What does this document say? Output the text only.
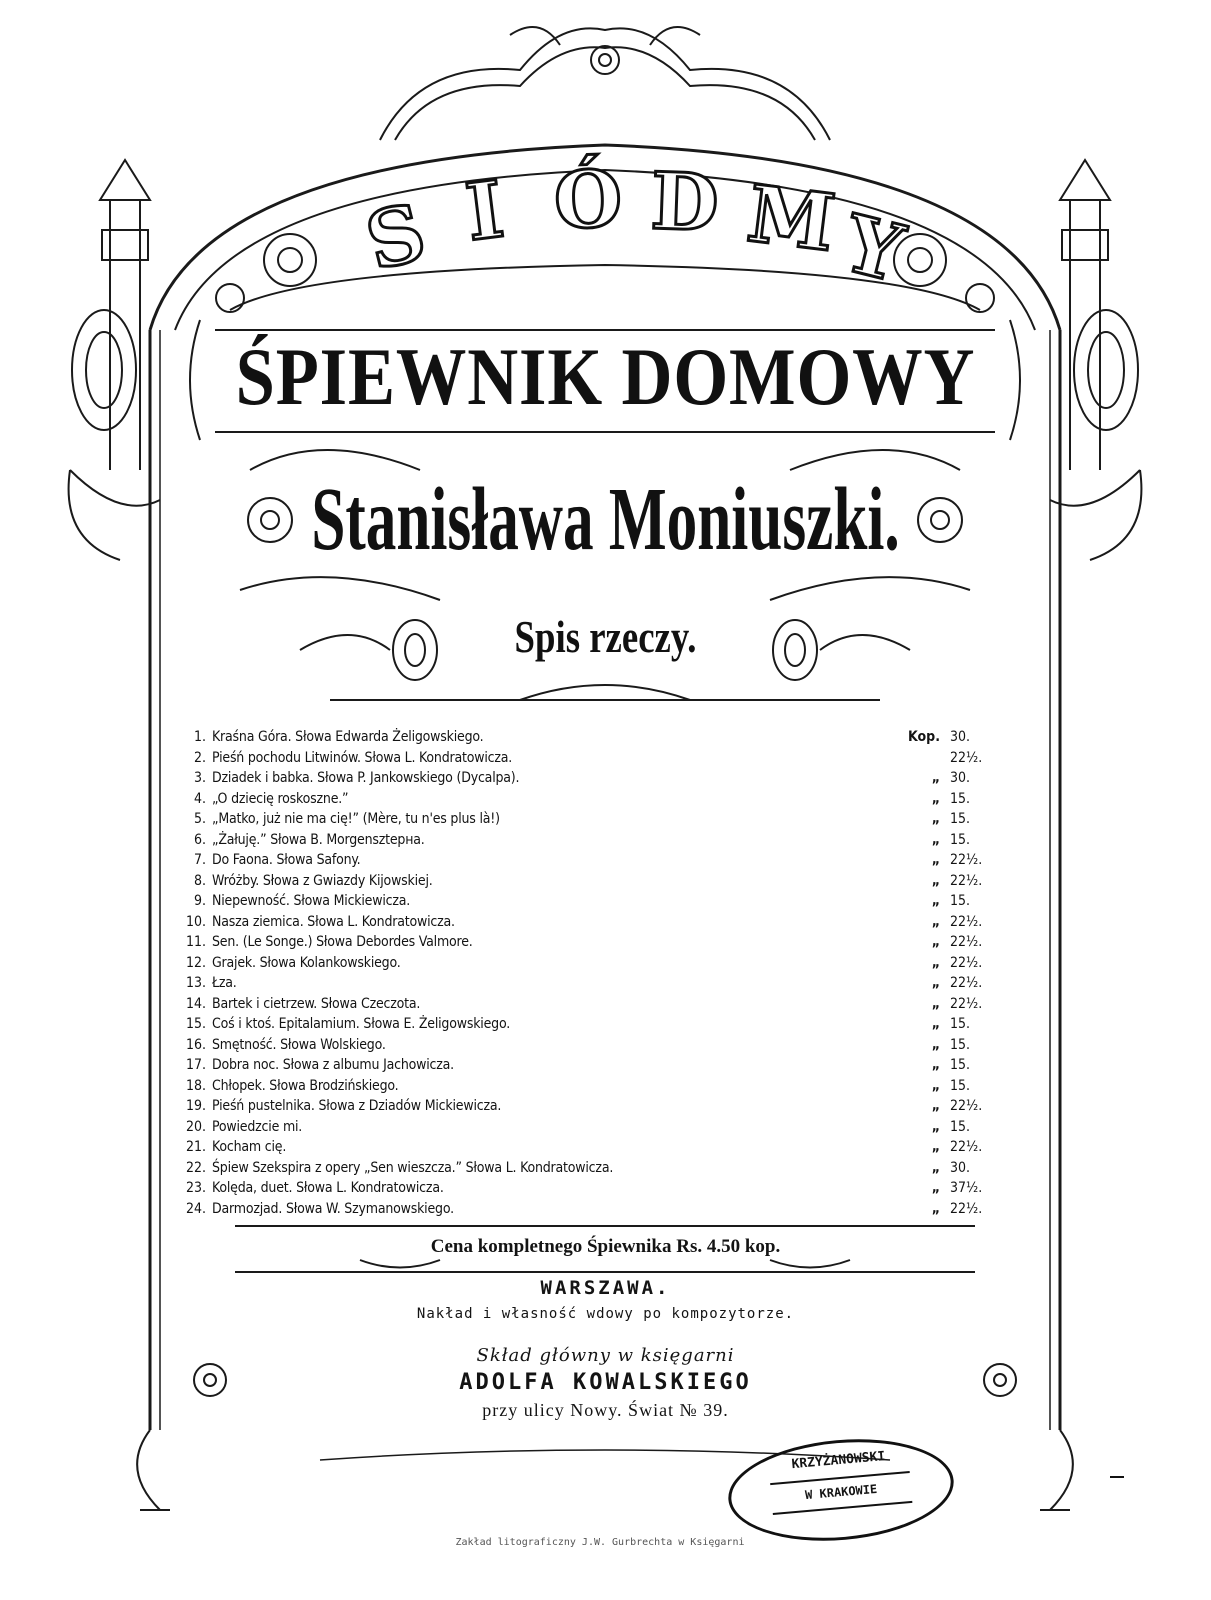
S I Ó D M
Y
ŚPIEWNIK DOMOWY
Stanisława Moniuszki.
Spis rzeczy.
1. Kraśna Góra. Słowa Edwarda Żeligowskiego.	Kop. 30.
2. Pieśń pochodu Litwinów. Słowa L. Kondratowicza.	22½.
3. Dziadek i babka. Słowa P. Jankowskiego (Dycalpa).	„ 30.
4. „O dziecię roskoszne.”	„ 15.
5. „Matko, już nie ma cię!” (Mère, tu n'es plus là!)	„ 15.
6. „Żałuję.” Słowa B. Morgensztерна.	„ 15.
7. Do Faona. Słowa Safony.	„ 22½.
8. Wróżby. Słowa z Gwiazdy Kijowskiej.	„ 22½.
9. Niepewność. Słowa Mickiewicza.	„ 15.
10. Nasza ziemica. Słowa L. Kondratowicza.	„ 22½.
11. Sen. (Le Songe.) Słowa Debordes Valmore.	„ 22½.
12. Grajek. Słowa Kolankowskiego.	„ 22½.
13. Łza.	„ 22½.
14. Bartek i cietrzew. Słowa Czeczota.	„ 22½.
15. Coś i ktoś. Epitalamium. Słowa E. Żeligowskiego.	„ 15.
16. Smętność. Słowa Wolskiego.	„ 15.
17. Dobra noc. Słowa z albumu Jachowicza.	„ 15.
18. Chłopek. Słowa Brodzińskiego.	„ 15.
19. Pieśń pustelnika. Słowa z Dziadów Mickiewicza.	„ 22½.
20. Powiedzcie mi.	„ 15.
21. Kocham cię.	„ 22½.
22. Śpiew Szekspira z opery „Sen wieszcza.” Słowa L. Kondratowicza.	„ 30.
23. Kolęda, duet. Słowa L. Kondratowicza.	„ 37½.
24. Darmozjad. Słowa W. Szymanowskiego.	„ 22½.
Cena kompletnego Śpiewnika Rs. 4.50 kop.
WARSZAWA.
Nakład i własność wdowy po kompozytorze.
Skład główny w księgarni
ADOLFA KOWALSKIEGO
przy ulicy Nowy. Świat № 39.
Zakład litograficzny J.W. Gurbrechta w Księgarni
KRZYŻANOWSKI
W KRAKOWIE
